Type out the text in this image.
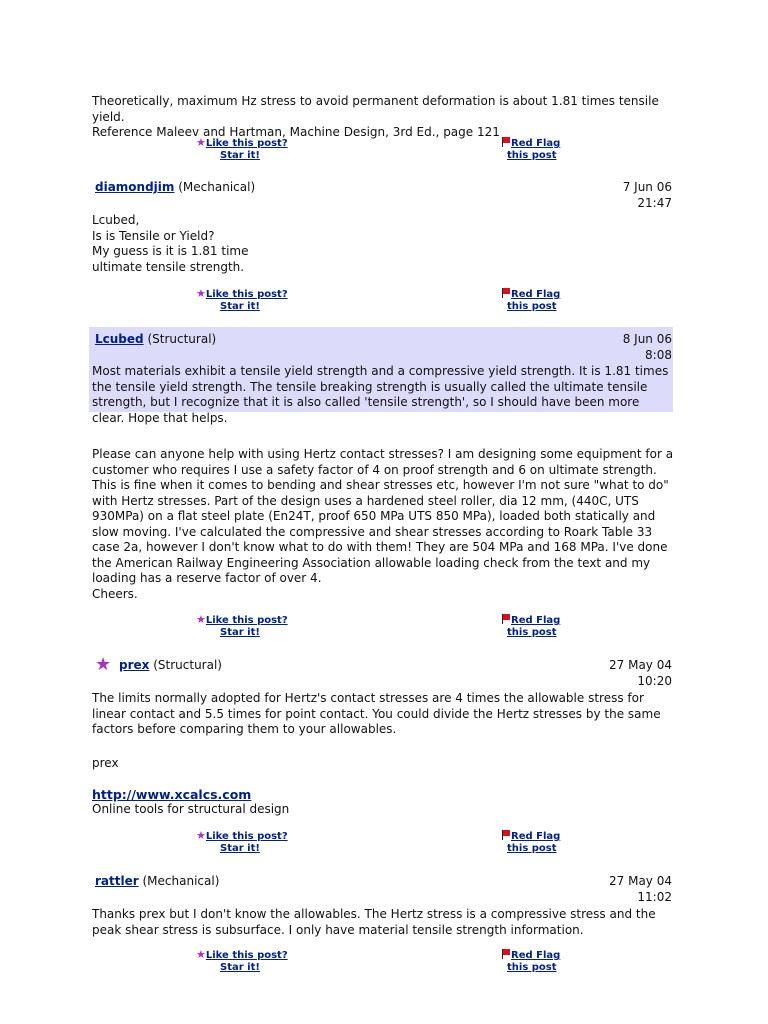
Theoretically, maximum Hz stress to avoid permanent deformation is about 1.81 times tensile yield.
Reference Maleev and Hartman, Machine Design, 3rd Ed., page 121
★Like this post?
Star it!
Red Flag
this post
diamondjim (Mechanical)	7 Jun 06
21:47
Lcubed,
Is is Tensile or Yield?
My guess is it is 1.81 time
ultimate tensile strength.
★Like this post?
Star it!
Red Flag
this post
Lcubed (Structural)	8 Jun 06
8:08
Most materials exhibit a tensile yield strength and a compressive yield strength. It is 1.81 times the tensile yield strength. The tensile breaking strength is usually called the ultimate tensile strength, but I recognize that it is also called 'tensile strength', so I should have been more clear. Hope that helps.
Please can anyone help with using Hertz contact stresses? I am designing some equipment for a customer who requires I use a safety factor of 4 on proof strength and 6 on ultimate strength. This is fine when it comes to bending and shear stresses etc, however I'm not sure "what to do" with Hertz stresses. Part of the design uses a hardened steel roller, dia 12 mm, (440C, UTS 930MPa) on a flat steel plate (En24T, proof 650 MPa UTS 850 MPa), loaded both statically and slow moving. I've calculated the compressive and shear stresses according to Roark Table 33 case 2a, however I don't know what to do with them! They are 504 MPa and 168 MPa. I've done the American Railway Engineering Association allowable loading check from the text and my loading has a reserve factor of over 4.
Cheers.
★Like this post?
Star it!
Red Flag
this post
★ prex (Structural)	27 May 04
10:20
The limits normally adopted for Hertz's contact stresses are 4 times the allowable stress for linear contact and 5.5 times for point contact. You could divide the Hertz stresses by the same factors before comparing them to your allowables.
prex
http://www.xcalcs.com
Online tools for structural design
★Like this post?
Star it!
Red Flag
this post
rattler (Mechanical)	27 May 04
11:02
Thanks prex but I don't know the allowables. The Hertz stress is a compressive stress and the peak shear stress is subsurface. I only have material tensile strength information.
★Like this post?
Star it!
Red Flag
this post
